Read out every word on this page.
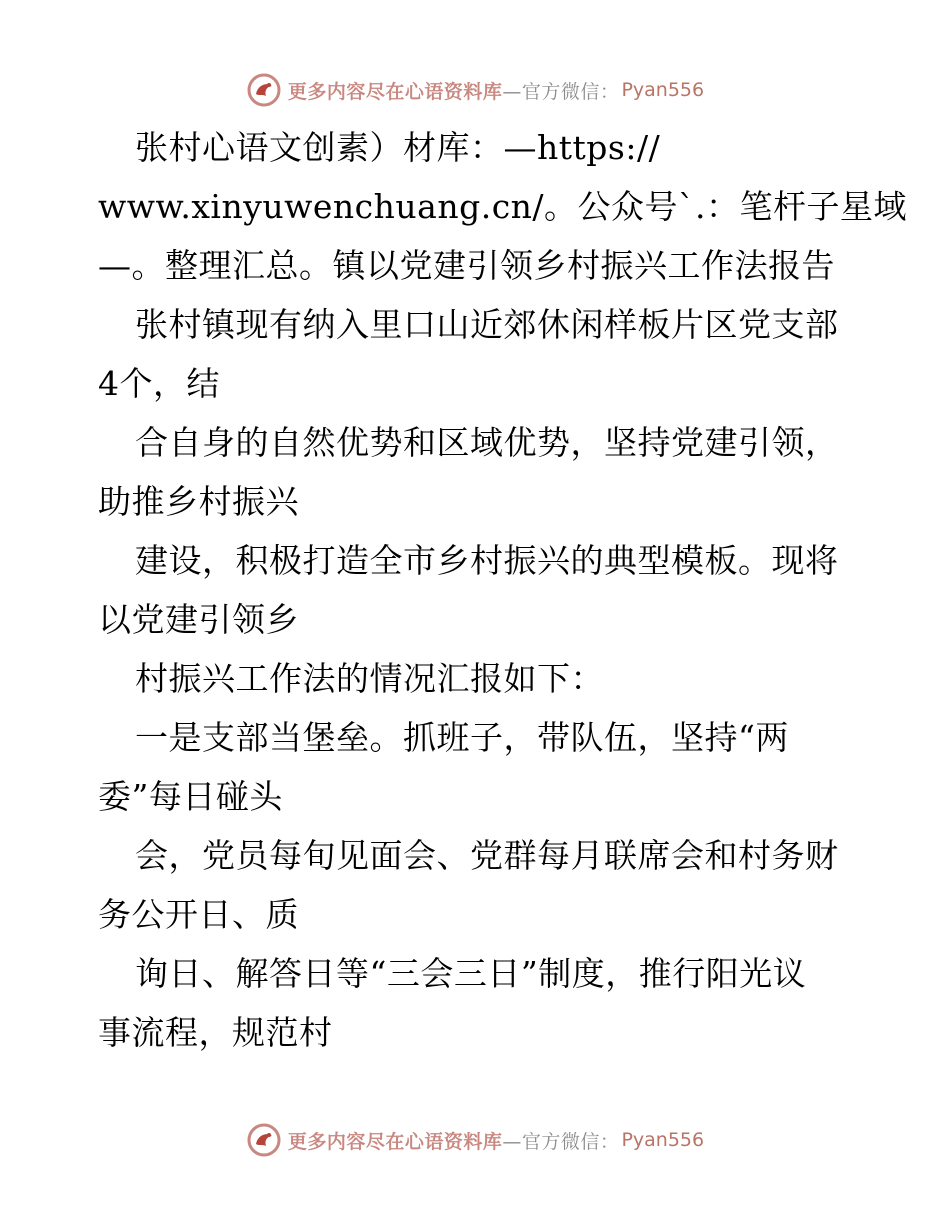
更多内容尽在心语资料库 —官方微信： Pyan556
张村心语文创素）材库：—https://
www.xinyuwenchuang.cn/。公众号`.：笔杆子星域
—。整理汇总。镇以党建引领乡村振兴工作法报告
张村镇现有纳入里口山近郊休闲样板片区党支部
4个，结
合自身的自然优势和区域优势，坚持党建引领，
助推乡村振兴
建设，积极打造全市乡村振兴的典型模板。现将
以党建引领乡
村振兴工作法的情况汇报如下：
一是支部当堡垒。抓班子，带队伍，坚持“两
委”每日碰头
会，党员每旬见面会、党群每月联席会和村务财
务公开日、质
询日、解答日等“三会三日”制度，推行阳光议
事流程，规范村
更多内容尽在心语资料库 —官方微信： Pyan556
